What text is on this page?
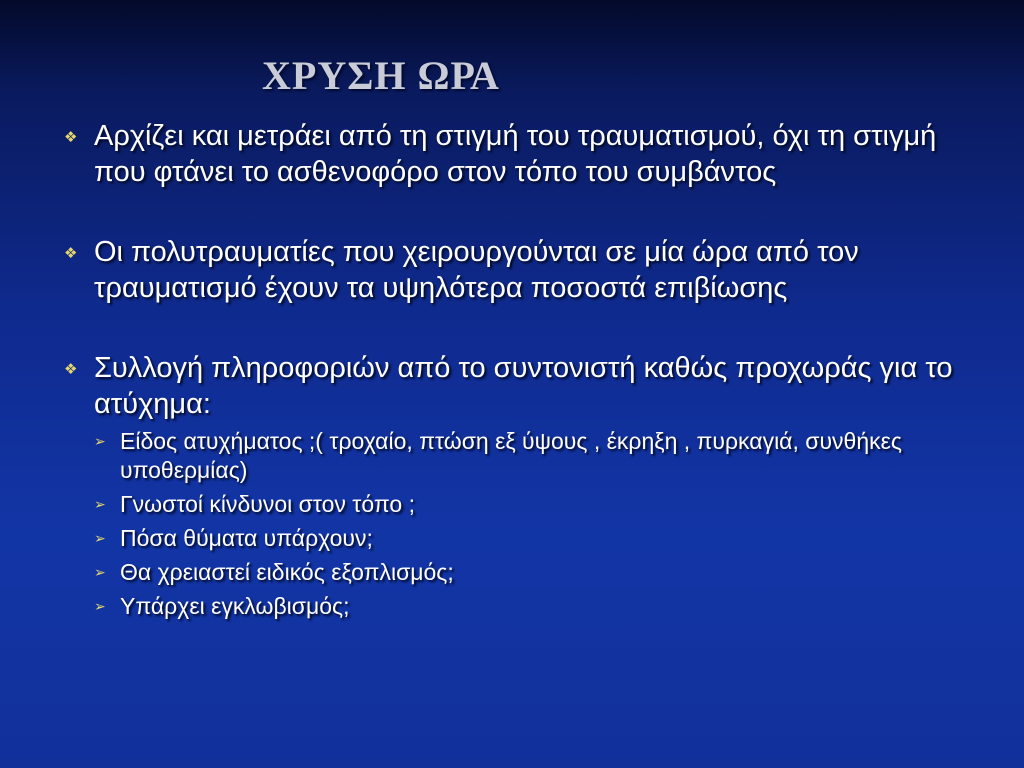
ΧΡΥΣΗ ΩΡΑ
❖ Αρχίζει και μετράει από τη στιγμή του τραυματισμού, όχι τη στιγμή που φτάνει το ασθενοφόρο στον τόπο του συμβάντος
❖ Οι πολυτραυματίες που χειρουργούνται σε μία ώρα από τον τραυματισμό έχουν τα υψηλότερα ποσοστά επιβίωσης
❖ Συλλογή πληροφοριών από το συντονιστή καθώς προχωράς για το ατύχημα:
➢ Είδος ατυχήματος ;( τροχαίο, πτώση εξ ύψους , έκρηξη , πυρκαγιά, συνθήκες υποθερμίας)
➢ Γνωστοί κίνδυνοι στον τόπο ;
➢ Πόσα θύματα υπάρχουν;
➢ Θα χρειαστεί ειδικός εξοπλισμός;
➢ Υπάρχει εγκλωβισμός;
